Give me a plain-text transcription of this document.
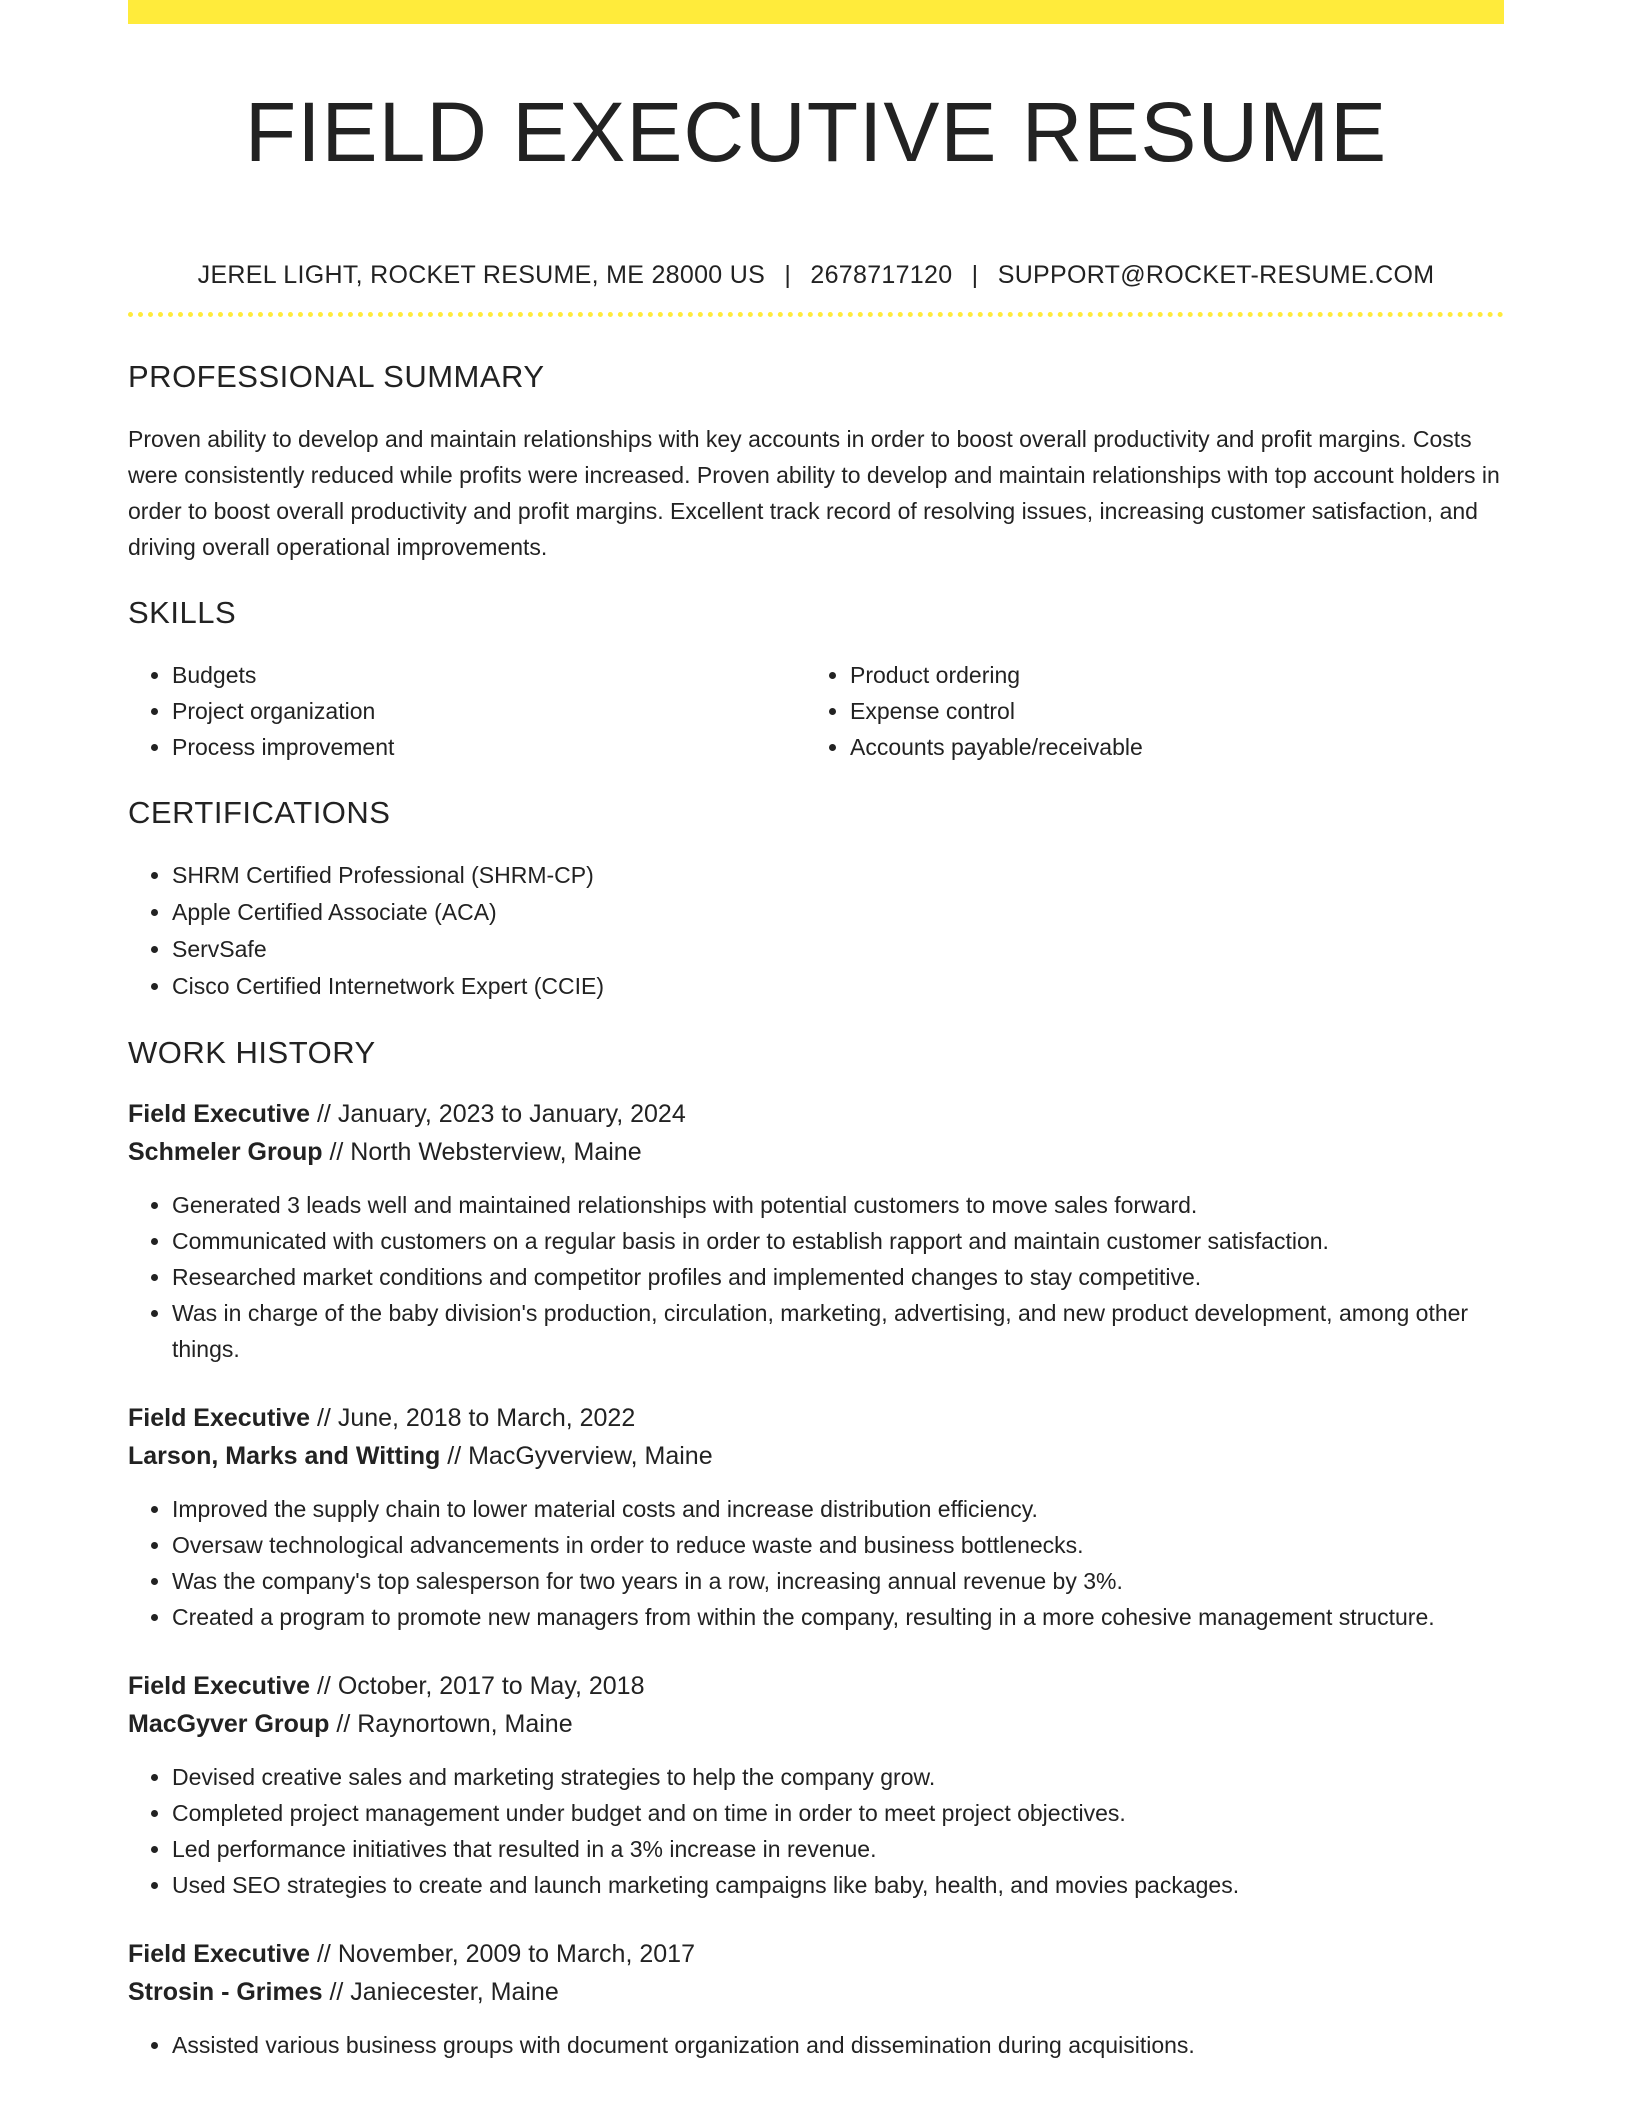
FIELD EXECUTIVE RESUME
JEREL LIGHT, ROCKET RESUME, ME 28000 US | 2678717120 | SUPPORT@ROCKET-RESUME.COM
PROFESSIONAL SUMMARY

Proven ability to develop and maintain relationships with key accounts in order to boost overall productivity and profit margins. Costs were consistently reduced while profits were increased. Proven ability to develop and maintain relationships with top account holders in order to boost overall productivity and profit margins. Excellent track record of resolving issues, increasing customer satisfaction, and driving overall operational improvements.

SKILLS
• Budgets
• Project organization
• Process improvement
• Product ordering
• Expense control
• Accounts payable/receivable
CERTIFICATIONS
• SHRM Certified Professional (SHRM-CP)
• Apple Certified Associate (ACA)
• ServSafe
• Cisco Certified Internetwork Expert (CCIE)
WORK HISTORY
Field Executive // January, 2023 to January, 2024
Schmeler Group // North Websterview, Maine
• Generated 3 leads well and maintained relationships with potential customers to move sales forward.
• Communicated with customers on a regular basis in order to establish rapport and maintain customer satisfaction.
• Researched market conditions and competitor profiles and implemented changes to stay competitive.
• Was in charge of the baby division's production, circulation, marketing, advertising, and new product development, among other things.
Field Executive // June, 2018 to March, 2022
Larson, Marks and Witting // MacGyverview, Maine
• Improved the supply chain to lower material costs and increase distribution efficiency.
• Oversaw technological advancements in order to reduce waste and business bottlenecks.
• Was the company's top salesperson for two years in a row, increasing annual revenue by 3%.
• Created a program to promote new managers from within the company, resulting in a more cohesive management structure.
Field Executive // October, 2017 to May, 2018
MacGyver Group // Raynortown, Maine
• Devised creative sales and marketing strategies to help the company grow.
• Completed project management under budget and on time in order to meet project objectives.
• Led performance initiatives that resulted in a 3% increase in revenue.
• Used SEO strategies to create and launch marketing campaigns like baby, health, and movies packages.
Field Executive // November, 2009 to March, 2017
Strosin - Grimes // Janiecester, Maine
• Assisted various business groups with document organization and dissemination during acquisitions.
